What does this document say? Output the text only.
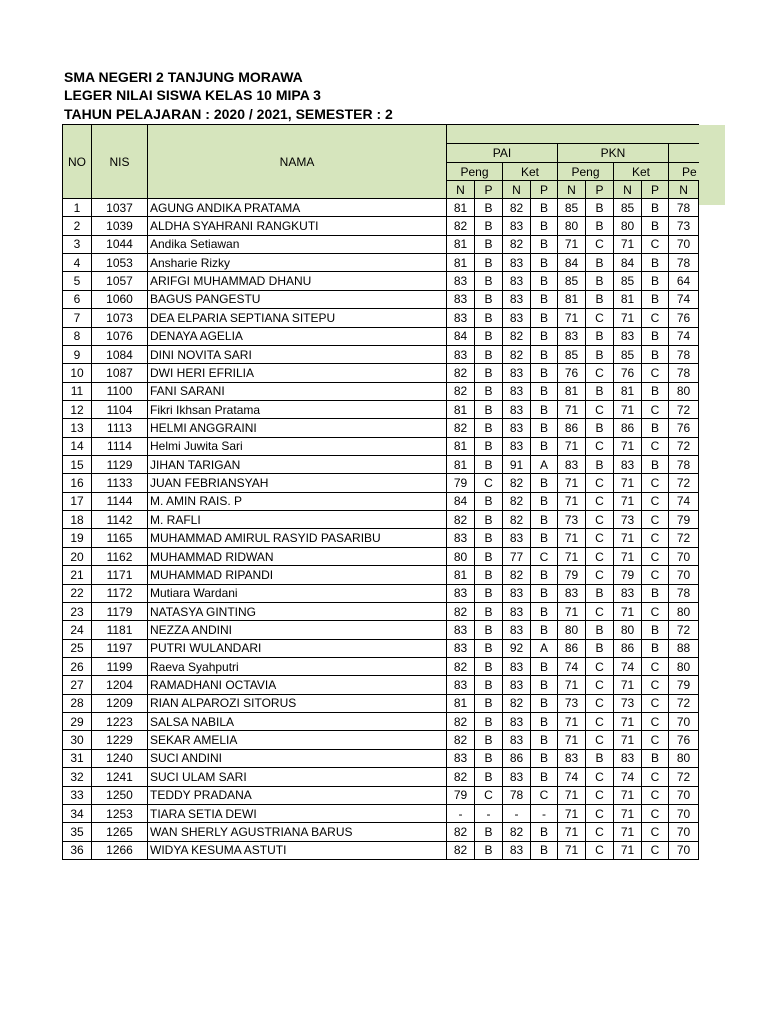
SMA NEGERI 2 TANJUNG MORAWA
LEGER NILAI SISWA KELAS 10 MIPA 3
TAHUN PELAJARAN : 2020 / 2021, SEMESTER : 2
NO	NIS	NAMA									
			PAI				PKN				
			Peng		Ket		Peng		Ket		Pe
			N	P	N	P	N	P	N	P	N
1	1037	AGUNG ANDIKA PRATAMA	81	B	82	B	85	B	85	B	78
2	1039	ALDHA SYAHRANI RANGKUTI	82	B	83	B	80	B	80	B	73
3	1044	Andika Setiawan	81	B	82	B	71	C	71	C	70
4	1053	Ansharie Rizky	81	B	83	B	84	B	84	B	78
5	1057	ARIFGI MUHAMMAD DHANU	83	B	83	B	85	B	85	B	64
6	1060	BAGUS PANGESTU	83	B	83	B	81	B	81	B	74
7	1073	DEA ELPARIA SEPTIANA SITEPU	83	B	83	B	71	C	71	C	76
8	1076	DENAYA AGELIA	84	B	82	B	83	B	83	B	74
9	1084	DINI NOVITA SARI	83	B	82	B	85	B	85	B	78
10	1087	DWI HERI EFRILIA	82	B	83	B	76	C	76	C	78
11	1100	FANI SARANI	82	B	83	B	81	B	81	B	80
12	1104	Fikri Ikhsan Pratama	81	B	83	B	71	C	71	C	72
13	1113	HELMI ANGGRAINI	82	B	83	B	86	B	86	B	76
14	1114	Helmi Juwita Sari	81	B	83	B	71	C	71	C	72
15	1129	JIHAN TARIGAN	81	B	91	A	83	B	83	B	78
16	1133	JUAN FEBRIANSYAH	79	C	82	B	71	C	71	C	72
17	1144	M. AMIN RAIS. P	84	B	82	B	71	C	71	C	74
18	1142	M. RAFLI	82	B	82	B	73	C	73	C	79
19	1165	MUHAMMAD AMIRUL RASYID PASARIBU	83	B	83	B	71	C	71	C	72
20	1162	MUHAMMAD RIDWAN	80	B	77	C	71	C	71	C	70
21	1171	MUHAMMAD RIPANDI	81	B	82	B	79	C	79	C	70
22	1172	Mutiara Wardani	83	B	83	B	83	B	83	B	78
23	1179	NATASYA GINTING	82	B	83	B	71	C	71	C	80
24	1181	NEZZA ANDINI	83	B	83	B	80	B	80	B	72
25	1197	PUTRI WULANDARI	83	B	92	A	86	B	86	B	88
26	1199	Raeva Syahputri	82	B	83	B	74	C	74	C	80
27	1204	RAMADHANI OCTAVIA	83	B	83	B	71	C	71	C	79
28	1209	RIAN ALPAROZI SITORUS	81	B	82	B	73	C	73	C	72
29	1223	SALSA NABILA	82	B	83	B	71	C	71	C	70
30	1229	SEKAR AMELIA	82	B	83	B	71	C	71	C	76
31	1240	SUCI ANDINI	83	B	86	B	83	B	83	B	80
32	1241	SUCI ULAM SARI	82	B	83	B	74	C	74	C	72
33	1250	TEDDY PRADANA	79	C	78	C	71	C	71	C	70
34	1253	TIARA SETIA DEWI	-	-	-	-	71	C	71	C	70
35	1265	WAN SHERLY AGUSTRIANA BARUS	82	B	82	B	71	C	71	C	70
36	1266	WIDYA KESUMA ASTUTI	82	B	83	B	71	C	71	C	70
